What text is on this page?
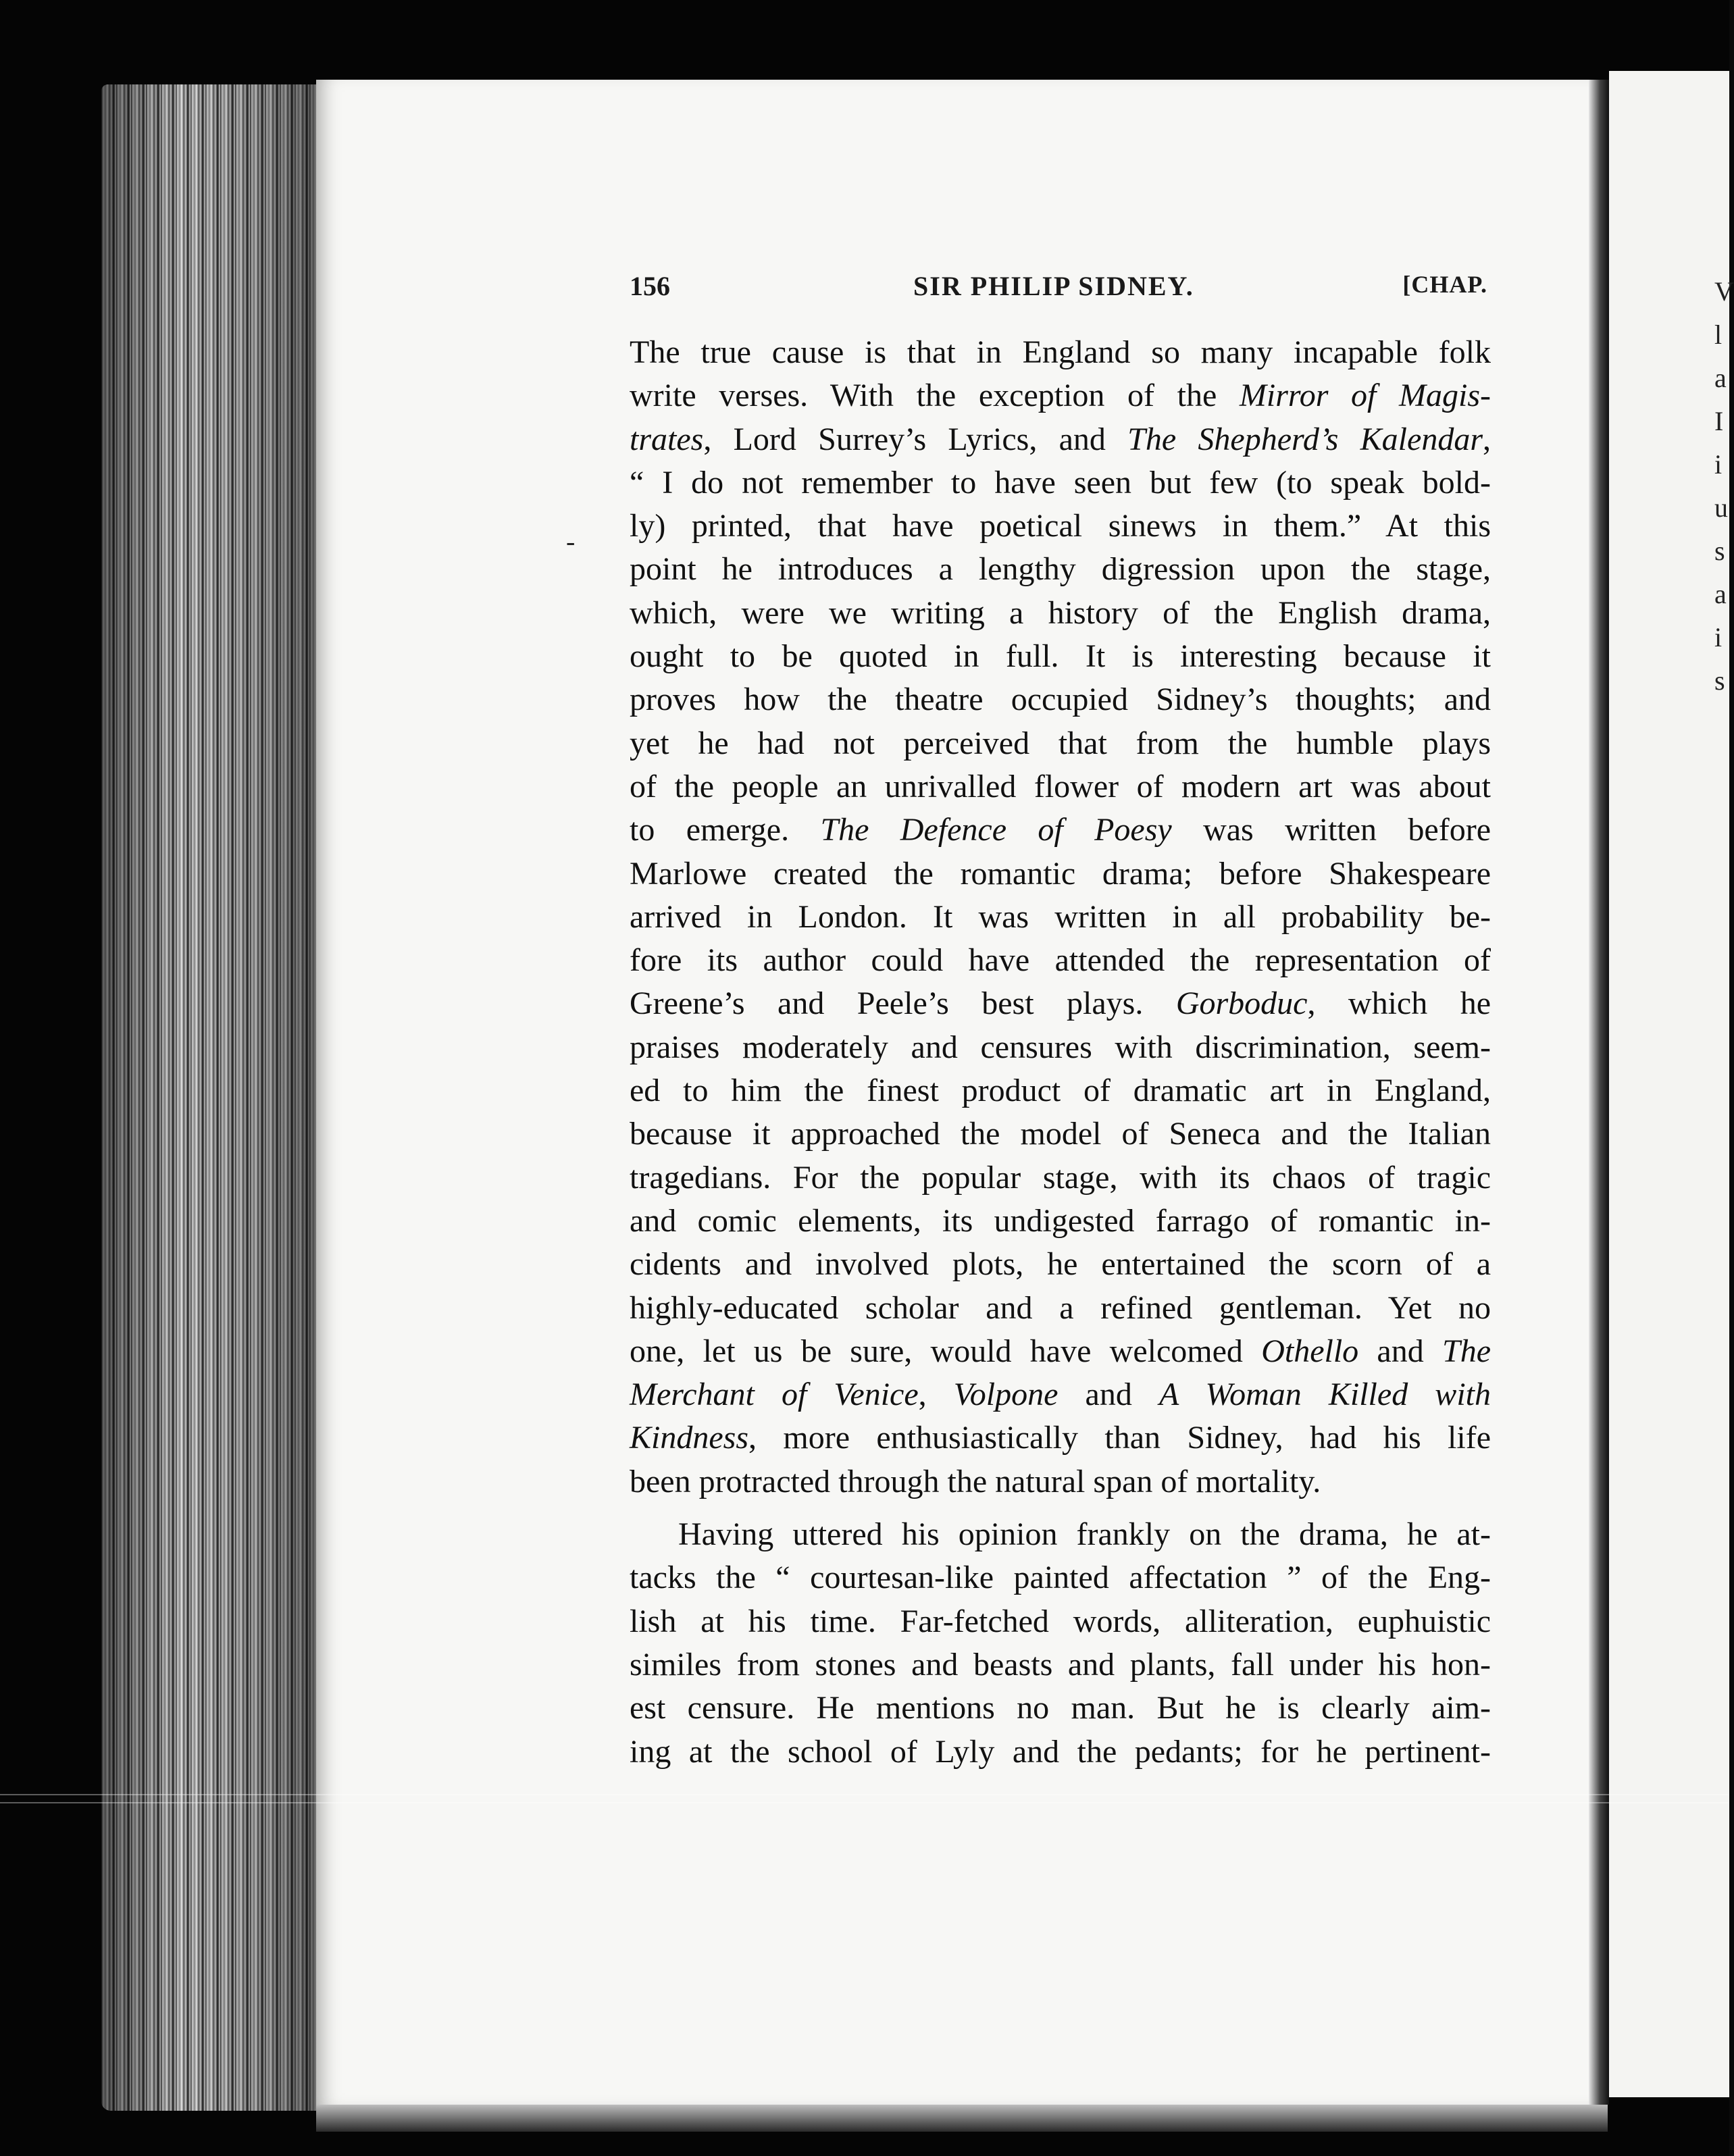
156	SIR PHILIP SIDNEY.	[CHAP.
-
The true cause is that in England so many incapable folk
write verses. With the exception of the Mirror of Magis-
trates, Lord Surrey’s Lyrics, and The Shepherd’s Kalendar,
“ I do not remember to have seen but few (to speak bold-
ly) printed, that have poetical sinews in them.” At this
point he introduces a lengthy digression upon the stage,
which, were we writing a history of the English drama,
ought to be quoted in full. It is interesting because it
proves how the theatre occupied Sidney’s thoughts; and
yet he had not perceived that from the humble plays
of the people an unrivalled flower of modern art was about
to emerge. The Defence of Poesy was written before
Marlowe created the romantic drama; before Shakespeare
arrived in London. It was written in all probability be-
fore its author could have attended the representation of
Greene’s and Peele’s best plays. Gorboduc, which he
praises moderately and censures with discrimination, seem-
ed to him the finest product of dramatic art in England,
because it approached the model of Seneca and the Italian
tragedians. For the popular stage, with its chaos of tragic
and comic elements, its undigested farrago of romantic in-
cidents and involved plots, he entertained the scorn of a
highly-educated scholar and a refined gentleman. Yet no
one, let us be sure, would have welcomed Othello and The
Merchant of Venice, Volpone and A Woman Killed with
Kindness, more enthusiastically than Sidney, had his life
been protracted through the natural span of mortality.
Having uttered his opinion frankly on the drama, he at-
tacks the “ courtesan-like painted affectation ” of the Eng-
lish at his time. Far-fetched words, alliteration, euphuistic
similes from stones and beasts and plants, fall under his hon-
est censure. He mentions no man. But he is clearly aim-
ing at the school of Lyly and the pedants; for he pertinent-
V
l
a
I
i
u
s
a
i
s
